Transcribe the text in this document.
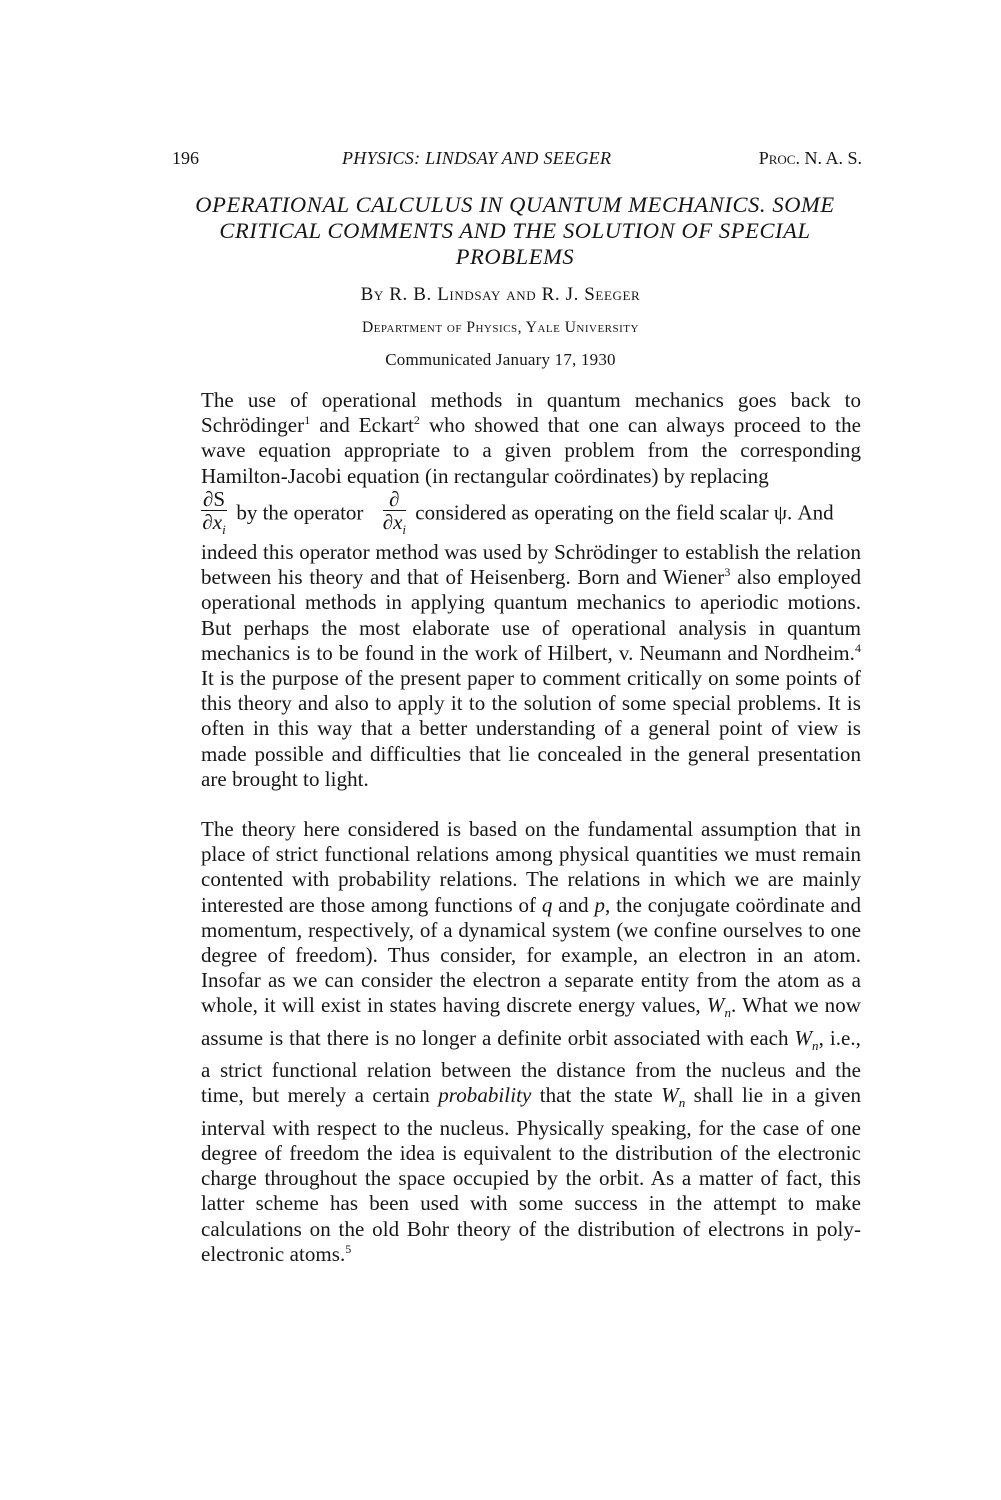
196	PHYSICS: LINDSAY AND SEEGER	Proc. N. A. S.
OPERATIONAL CALCULUS IN QUANTUM MECHANICS. SOME
CRITICAL COMMENTS AND THE SOLUTION OF SPECIAL
PROBLEMS
By R. B. Lindsay and R. J. Seeger
Department of Physics, Yale University
Communicated January 17, 1930
The use of operational methods in quantum mechanics goes back to Schrödinger$^1$ and Eckart$^2$ who showed that one can always proceed to the wave equation appropriate to a given problem from the corresponding Hamilton-Jacobi equation (in rectangular coördinates) by replacing
$\frac{\partial S}{\partial x_i}$ by the operator $\frac{\partial}{\partial x_i}$ considered as operating on the field scalar ψ. And
indeed this operator method was used by Schrödinger to establish the relation between his theory and that of Heisenberg. Born and Wiener$^3$ also employed operational methods in applying quantum mechanics to aperiodic motions. But perhaps the most elaborate use of operational analysis in quantum mechanics is to be found in the work of Hilbert, v. Neumann and Nordheim.$^4$ It is the purpose of the present paper to comment critically on some points of this theory and also to apply it to the solution of some special problems. It is often in this way that a better understanding of a general point of view is made possible and difficulties that lie concealed in the general presentation are brought to light.
The theory here considered is based on the fundamental assumption that in place of strict functional relations among physical quantities we must remain contented with probability relations. The relations in which we are mainly interested are those among functions of q and p, the conjugate coördinate and momentum, respectively, of a dynamical system (we confine ourselves to one degree of freedom). Thus consider, for example, an electron in an atom. Insofar as we can consider the electron a separate entity from the atom as a whole, it will exist in states having discrete energy values, $W_n$. What we now assume is that there is no longer a definite orbit associated with each $W_n$, i.e., a strict functional relation between the distance from the nucleus and the time, but merely a certain probability that the state $W_n$ shall lie in a given interval with respect to the nucleus. Physically speaking, for the case of one degree of freedom the idea is equivalent to the distribution of the electronic charge throughout the space occupied by the orbit. As a matter of fact, this latter scheme has been used with some success in the attempt to make calculations on the old Bohr theory of the distribution of electrons in poly-electronic atoms.$^5$
